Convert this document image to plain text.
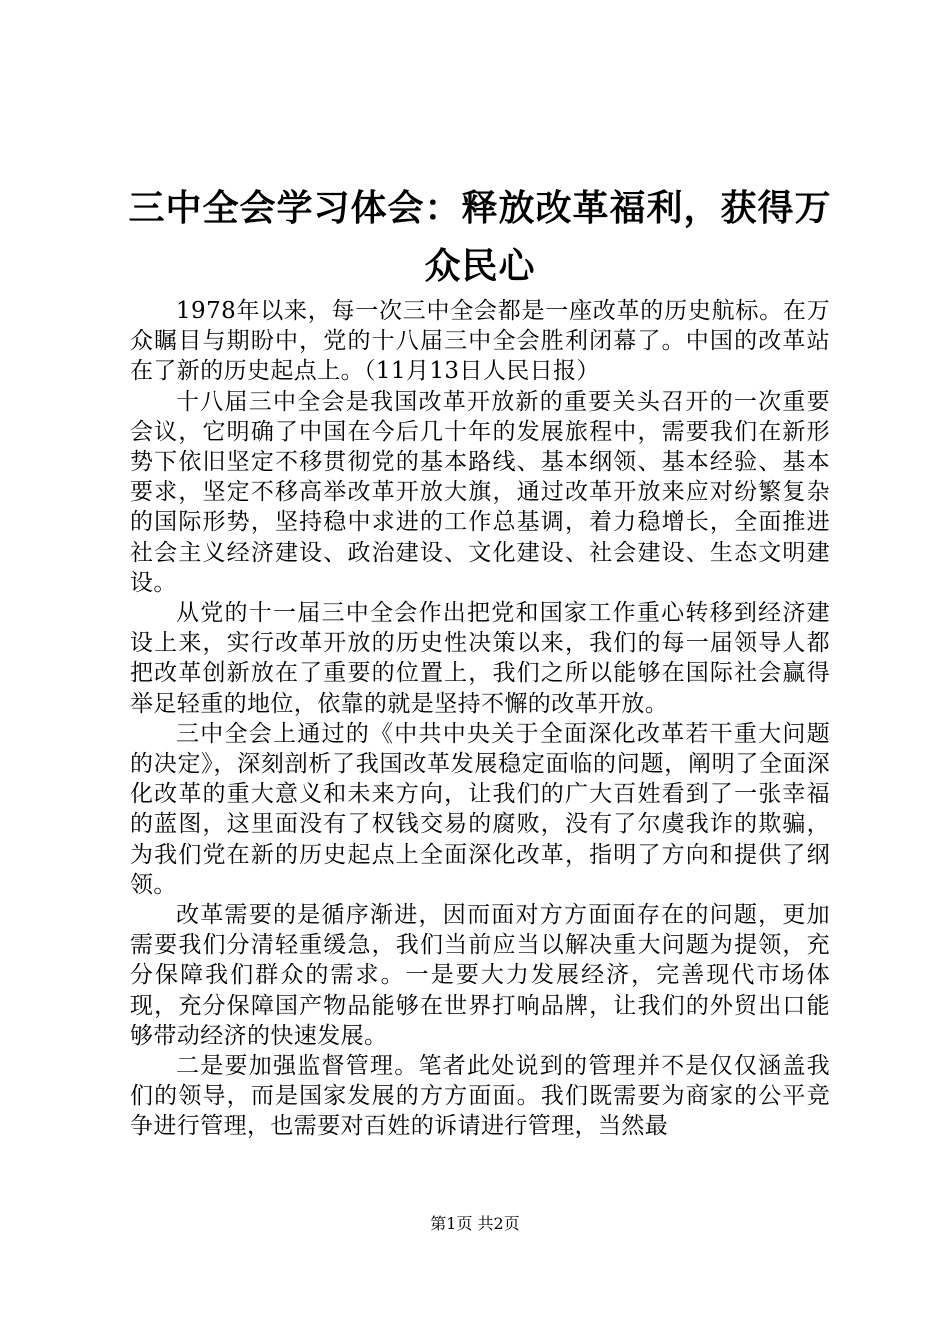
三中全会学习体会：释放改革福利，获得万众民心

1978年以来，每一次三中全会都是一座改革的历史航标。在万众瞩目与期盼中，党的十八届三中全会胜利闭幕了。中国的改革站在了新的历史起点上。（11月13日人民日报）

十八届三中全会是我国改革开放新的重要关头召开的一次重要会议，它明确了中国在今后几十年的发展旅程中，需要我们在新形势下依旧坚定不移贯彻党的基本路线、基本纲领、基本经验、基本要求，坚定不移高举改革开放大旗，通过改革开放来应对纷繁复杂的国际形势，坚持稳中求进的工作总基调，着力稳增长，全面推进社会主义经济建设、政治建设、文化建设、社会建设、生态文明建设。

从党的十一届三中全会作出把党和国家工作重心转移到经济建设上来，实行改革开放的历史性决策以来，我们的每一届领导人都把改革创新放在了重要的位置上，我们之所以能够在国际社会赢得举足轻重的地位，依靠的就是坚持不懈的改革开放。

三中全会上通过的《中共中央关于全面深化改革若干重大问题的决定》，深刻剖析了我国改革发展稳定面临的问题，阐明了全面深化改革的重大意义和未来方向，让我们的广大百姓看到了一张幸福的蓝图，这里面没有了权钱交易的腐败，没有了尔虞我诈的欺骗，为我们党在新的历史起点上全面深化改革，指明了方向和提供了纲领。

改革需要的是循序渐进，因而面对方方面面存在的问题，更加需要我们分清轻重缓急，我们当前应当以解决重大问题为提领，充分保障我们群众的需求。一是要大力发展经济，完善现代市场体现，充分保障国产物品能够在世界打响品牌，让我们的外贸出口能够带动经济的快速发展。

二是要加强监督管理。笔者此处说到的管理并不是仅仅涵盖我们的领导，而是国家发展的方方面面。我们既需要为商家的公平竞争进行管理，也需要对百姓的诉请进行管理，当然最

第1页 共2页
